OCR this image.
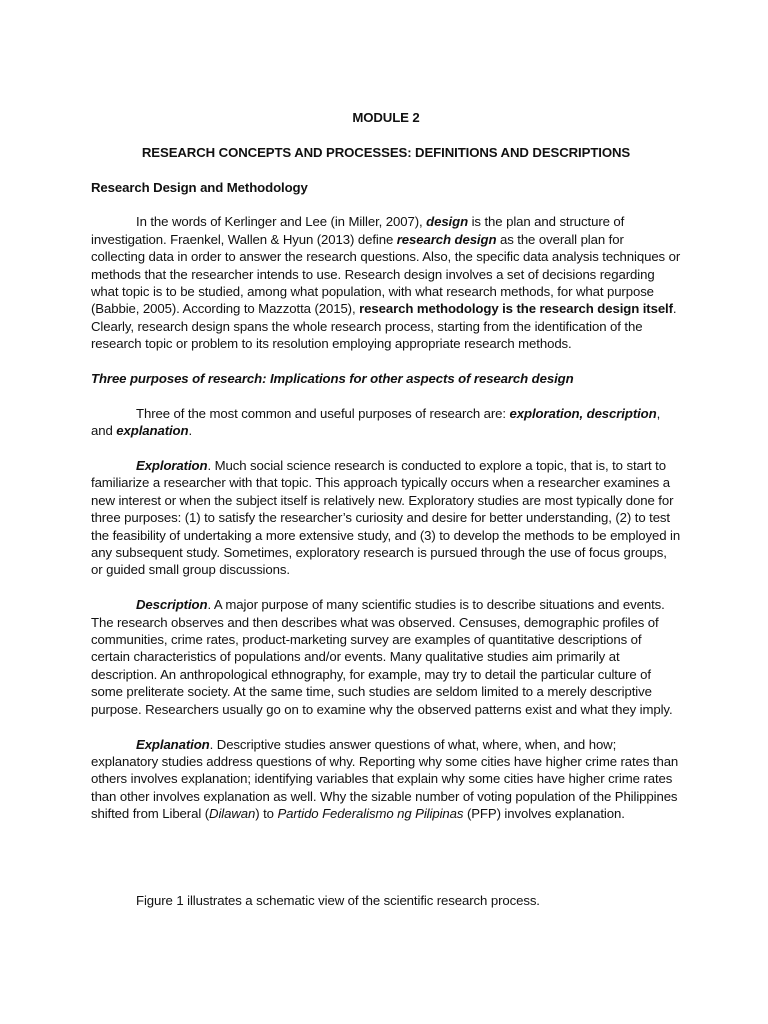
MODULE 2
RESEARCH CONCEPTS AND PROCESSES: DEFINITIONS AND DESCRIPTIONS
Research Design and Methodology

In the words of Kerlinger and Lee (in Miller, 2007), design is the plan and structure of investigation. Fraenkel, Wallen & Hyun (2013) define research design as the overall plan for collecting data in order to answer the research questions. Also, the specific data analysis techniques or methods that the researcher intends to use. Research design involves a set of decisions regarding what topic is to be studied, among what population, with what research methods, for what purpose (Babbie, 2005). According to Mazzotta (2015), research methodology is the research design itself. Clearly, research design spans the whole research process, starting from the identification of the research topic or problem to its resolution employing appropriate research methods.

Three purposes of research: Implications for other aspects of research design

Three of the most common and useful purposes of research are: exploration, description, and explanation.

Exploration. Much social science research is conducted to explore a topic, that is, to start to familiarize a researcher with that topic. This approach typically occurs when a researcher examines a new interest or when the subject itself is relatively new. Exploratory studies are most typically done for three purposes: (1) to satisfy the researcher’s curiosity and desire for better understanding, (2) to test the feasibility of undertaking a more extensive study, and (3) to develop the methods to be employed in any subsequent study. Sometimes, exploratory research is pursued through the use of focus groups, or guided small group discussions.

Description. A major purpose of many scientific studies is to describe situations and events. The research observes and then describes what was observed. Censuses, demographic profiles of communities, crime rates, product-marketing survey are examples of quantitative descriptions of certain characteristics of populations and/or events. Many qualitative studies aim primarily at description. An anthropological ethnography, for example, may try to detail the particular culture of some preliterate society. At the same time, such studies are seldom limited to a merely descriptive purpose. Researchers usually go on to examine why the observed patterns exist and what they imply.

Explanation. Descriptive studies answer questions of what, where, when, and how; explanatory studies address questions of why. Reporting why some cities have higher crime rates than others involves explanation; identifying variables that explain why some cities have higher crime rates than other involves explanation as well. Why the sizable number of voting population of the Philippines shifted from Liberal (Dilawan) to Partido Federalismo ng Pilipinas (PFP) involves explanation.

Figure 1 illustrates a schematic view of the scientific research process.
